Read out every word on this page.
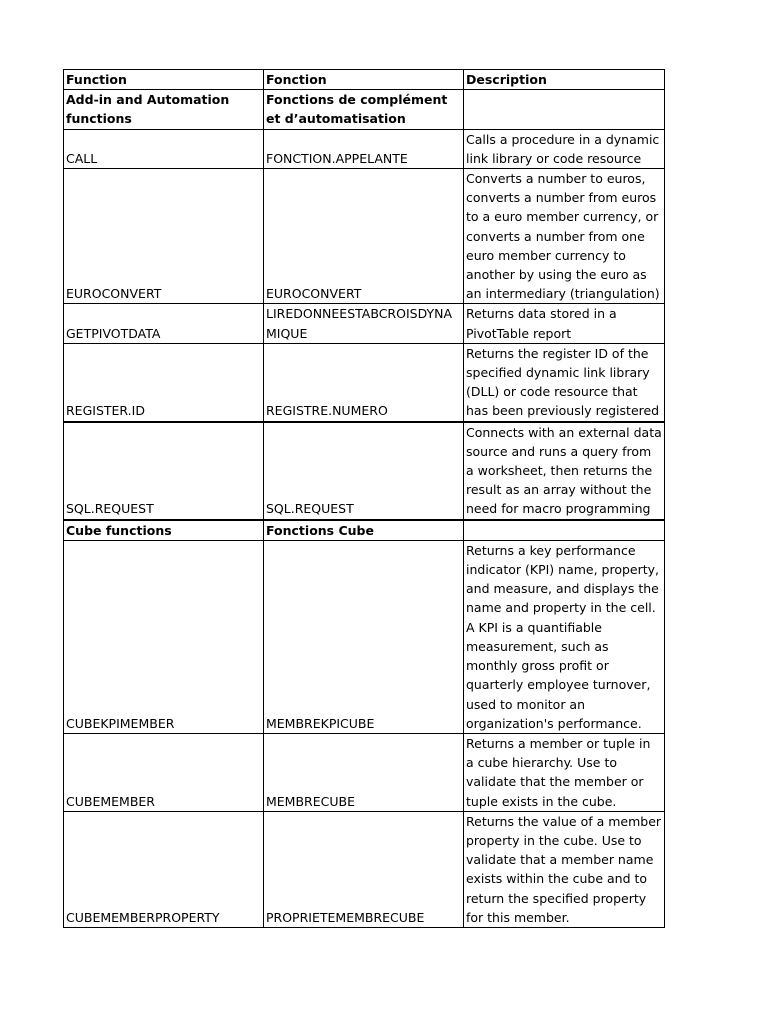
Function	Fonction	Description
Add-in and Automation functions	Fonctions de complément et d’automatisation	
CALL	FONCTION.APPELANTE	Calls a procedure in a dynamic link library or code resource
EUROCONVERT	EUROCONVERT	Converts a number to euros, converts a number from euros to a euro member currency, or converts a number from one euro member currency to another by using the euro as an intermediary (triangulation)
GETPIVOTDATA	LIREDONNEESTABCROISDYNAMIQUE	Returns data stored in a PivotTable report
REGISTER.ID	REGISTRE.NUMERO	Returns the register ID of the specified dynamic link library (DLL) or code resource that has been previously registered
SQL.REQUEST	SQL.REQUEST	Connects with an external data source and runs a query from a worksheet, then returns the result as an array without the need for macro programming
Cube functions	Fonctions Cube	
CUBEKPIMEMBER	MEMBREKPICUBE	Returns a key performance indicator (KPI) name, property, and measure, and displays the name and property in the cell. A KPI is a quantifiable measurement, such as monthly gross profit or quarterly employee turnover, used to monitor an organization's performance.
CUBEMEMBER	MEMBRECUBE	Returns a member or tuple in a cube hierarchy. Use to validate that the member or tuple exists in the cube.
CUBEMEMBERPROPERTY	PROPRIETEMEMBRECUBE	Returns the value of a member property in the cube. Use to validate that a member name exists within the cube and to return the specified property for this member.
